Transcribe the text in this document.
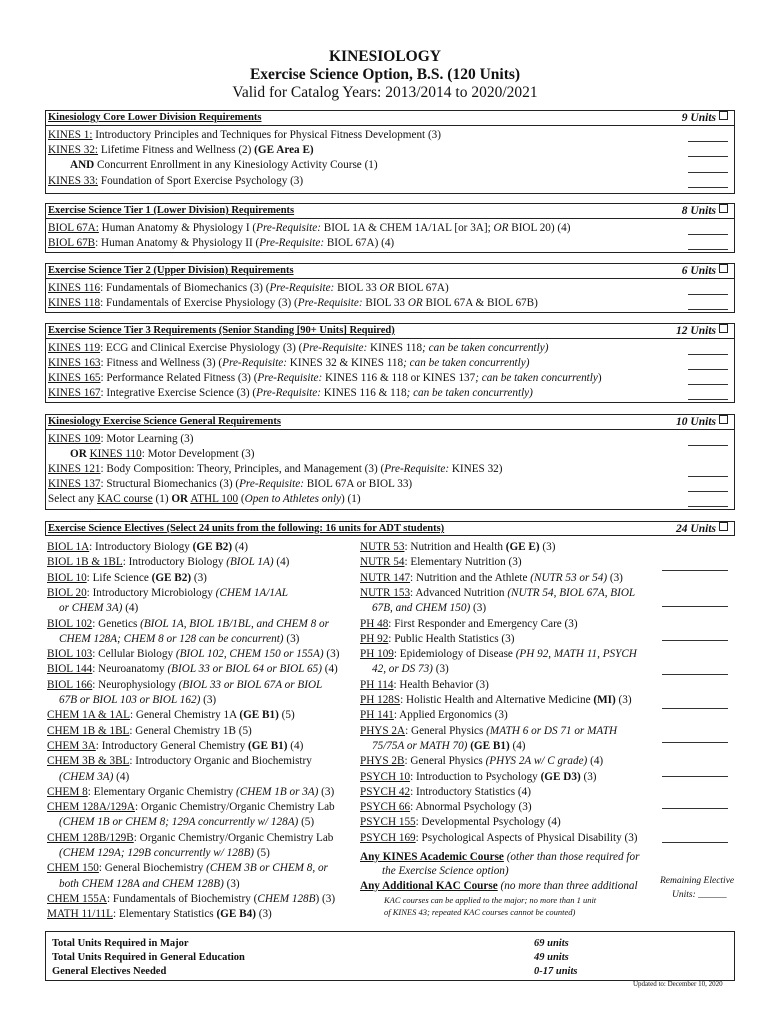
KINESIOLOGY
Exercise Science Option, B.S. (120 Units)
Valid for Catalog Years: 2013/2014 to 2020/2021
Kinesiology Core Lower Division Requirements	9 Units
KINES 1: Introductory Principles and Techniques for Physical Fitness Development (3)
KINES 32: Lifetime Fitness and Wellness (2) (GE Area E)
AND Concurrent Enrollment in any Kinesiology Activity Course (1)
KINES 33: Foundation of Sport Exercise Psychology (3)
Exercise Science Tier 1 (Lower Division) Requirements	8 Units
BIOL 67A: Human Anatomy & Physiology I (Pre-Requisite: BIOL 1A & CHEM 1A/1AL [or 3A]; OR BIOL 20) (4)
BIOL 67B: Human Anatomy & Physiology II (Pre-Requisite: BIOL 67A) (4)
Exercise Science Tier 2 (Upper Division) Requirements	6 Units
KINES 116: Fundamentals of Biomechanics (3) (Pre-Requisite: BIOL 33 OR BIOL 67A)
KINES 118: Fundamentals of Exercise Physiology (3) (Pre-Requisite: BIOL 33 OR BIOL 67A & BIOL 67B)
Exercise Science Tier 3 Requirements (Senior Standing [90+ Units] Required)	12 Units
KINES 119: ECG and Clinical Exercise Physiology (3) (Pre-Requisite: KINES 118; can be taken concurrently)
KINES 163: Fitness and Wellness (3) (Pre-Requisite: KINES 32 & KINES 118; can be taken concurrently)
KINES 165: Performance Related Fitness (3) (Pre-Requisite: KINES 116 & 118 or KINES 137; can be taken concurrently)
KINES 167: Integrative Exercise Science (3) (Pre-Requisite: KINES 116 & 118; can be taken concurrently)
Kinesiology Exercise Science General Requirements	10 Units
KINES 109: Motor Learning (3)
OR KINES 110: Motor Development (3)
KINES 121: Body Composition: Theory, Principles, and Management (3) (Pre-Requisite: KINES 32)
KINES 137: Structural Biomechanics (3) (Pre-Requisite: BIOL 67A or BIOL 33)
Select any KAC course (1) OR ATHL 100 (Open to Athletes only) (1)
Exercise Science Electives (Select 24 units from the following: 16 units for ADT students)	24 Units
BIOL 1A: Introductory Biology (GE B2) (4)
BIOL 1B & 1BL: Introductory Biology (BIOL 1A) (4)
BIOL 10: Life Science (GE B2) (3)
BIOL 20: Introductory Microbiology (CHEM 1A/1AL
or CHEM 3A) (4)
BIOL 102: Genetics (BIOL 1A, BIOL 1B/1BL, and CHEM 8 or
CHEM 128A; CHEM 8 or 128 can be concurrent) (3)
BIOL 103: Cellular Biology (BIOL 102, CHEM 150 or 155A) (3)
BIOL 144: Neuroanatomy (BIOL 33 or BIOL 64 or BIOL 65) (4)
BIOL 166: Neurophysiology (BIOL 33 or BIOL 67A or BIOL
67B or BIOL 103 or BIOL 162) (3)
CHEM 1A & 1AL: General Chemistry 1A (GE B1) (5)
CHEM 1B & 1BL: General Chemistry 1B (5)
CHEM 3A: Introductory General Chemistry (GE B1) (4)
CHEM 3B & 3BL: Introductory Organic and Biochemistry
(CHEM 3A) (4)
CHEM 8: Elementary Organic Chemistry (CHEM 1B or 3A) (3)
CHEM 128A/129A: Organic Chemistry/Organic Chemistry Lab
(CHEM 1B or CHEM 8; 129A concurrently w/ 128A) (5)
CHEM 128B/129B: Organic Chemistry/Organic Chemistry Lab
(CHEM 129A; 129B concurrently w/ 128B) (5)
CHEM 150: General Biochemistry (CHEM 3B or CHEM 8, or
both CHEM 128A and CHEM 128B) (3)
CHEM 155A: Fundamentals of Biochemistry (CHEM 128B) (3)
MATH 11/11L: Elementary Statistics (GE B4) (3)
NUTR 53: Nutrition and Health (GE E) (3)
NUTR 54: Elementary Nutrition (3)
NUTR 147: Nutrition and the Athlete (NUTR 53 or 54) (3)
NUTR 153: Advanced Nutrition (NUTR 54, BIOL 67A, BIOL
67B, and CHEM 150) (3)
PH 48: First Responder and Emergency Care (3)
PH 92: Public Health Statistics (3)
PH 109: Epidemiology of Disease (PH 92, MATH 11, PSYCH
42, or DS 73) (3)
PH 114: Health Behavior (3)
PH 128S: Holistic Health and Alternative Medicine (MI) (3)
PH 141: Applied Ergonomics (3)
PHYS 2A: General Physics (MATH 6 or DS 71 or MATH
75/75A or MATH 70) (GE B1) (4)
PHYS 2B: General Physics (PHYS 2A w/ C grade) (4)
PSYCH 10: Introduction to Psychology (GE D3) (3)
PSYCH 42: Introductory Statistics (4)
PSYCH 66: Abnormal Psychology (3)
PSYCH 155: Developmental Psychology (4)
PSYCH 169: Psychological Aspects of Physical Disability (3)
Any KINES Academic Course (other than those required for
the Exercise Science option)
Any Additional KAC Course (no more than three additional
KAC courses can be applied to the major; no more than 1 unit
of KINES 43; repeated KAC courses cannot be counted)
Remaining Elective
Units: ______
Total Units Required in Major	69 units
Total Units Required in General Education	49 units
General Electives Needed	0-17 units
Updated to: December 10, 2020
